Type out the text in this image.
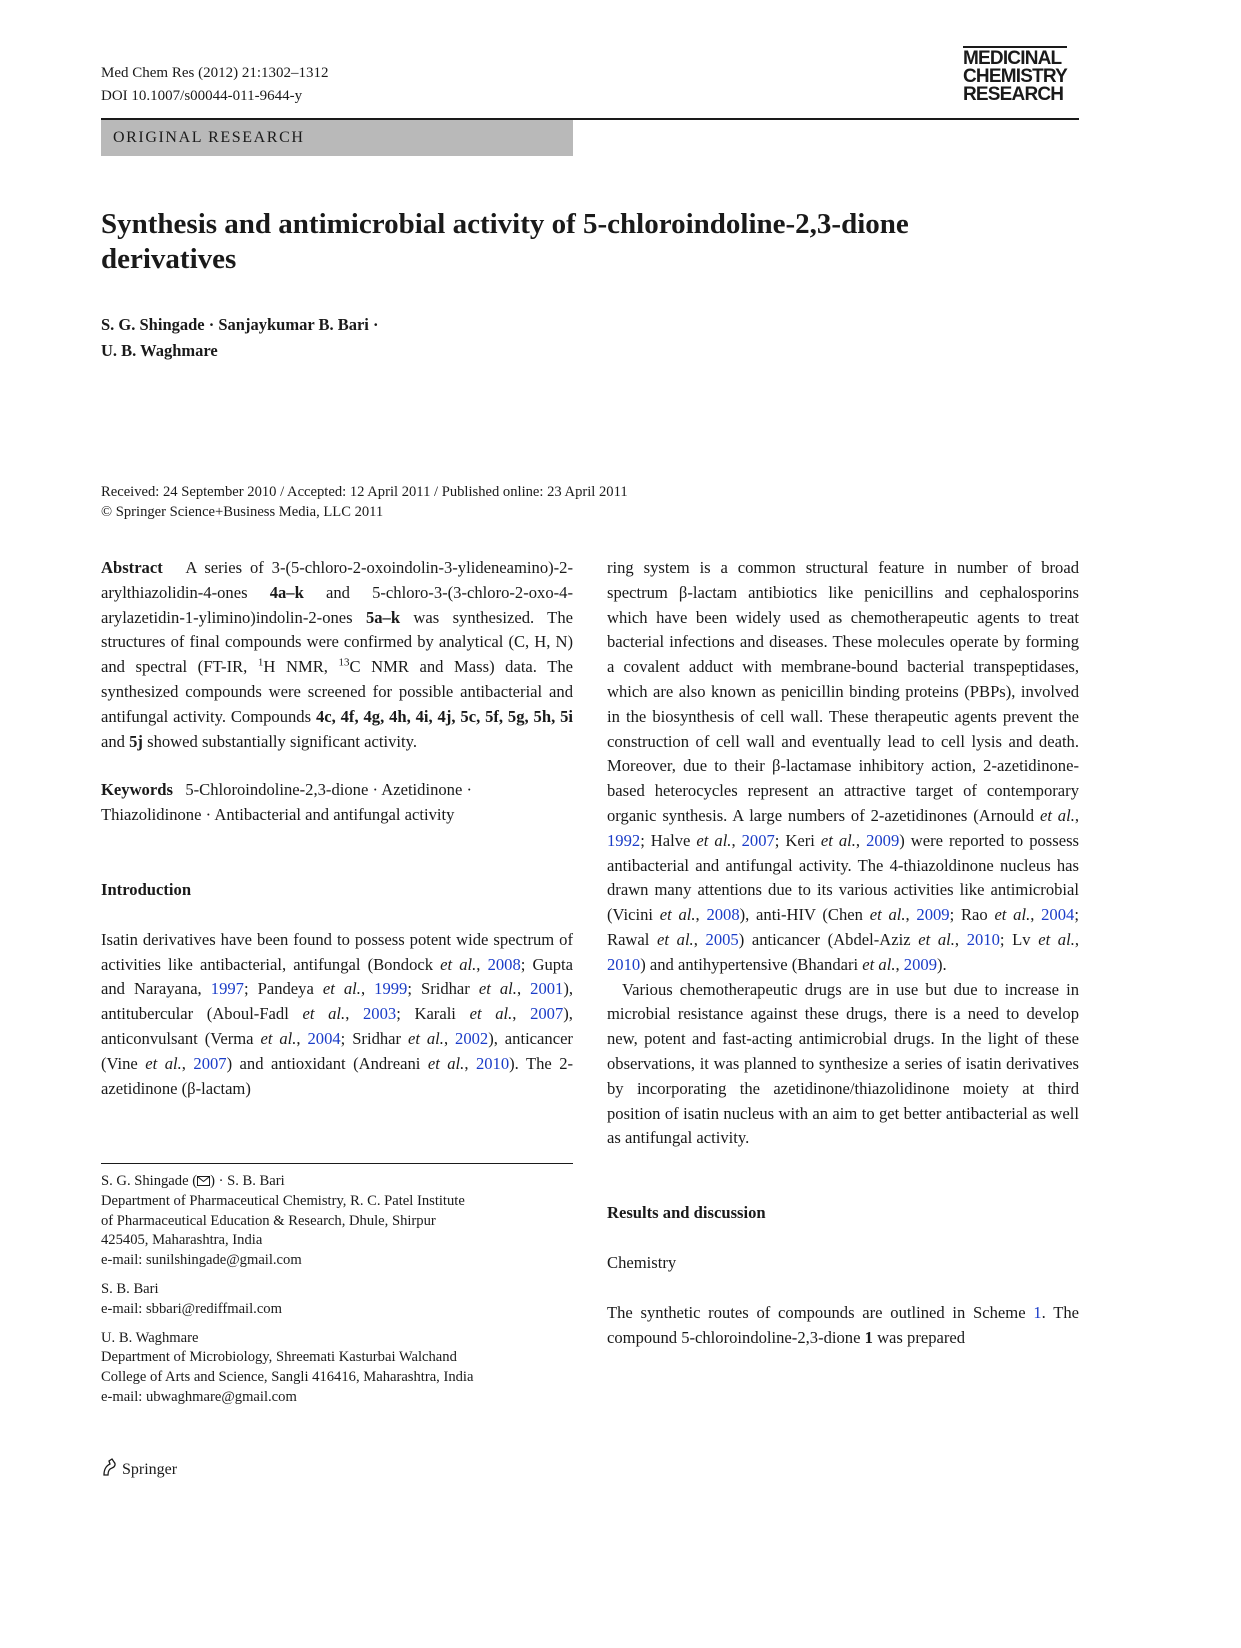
Med Chem Res (2012) 21:1302–1312
DOI 10.1007/s00044-011-9644-y
MEDICINAL
CHEMISTRY
RESEARCH
ORIGINAL RESEARCH
Synthesis and antimicrobial activity of 5-chloroindoline-2,3-dione
derivatives
S. G. Shingade · Sanjaykumar B. Bari ·
U. B. Waghmare
Received: 24 September 2010 / Accepted: 12 April 2011 / Published online: 23 April 2011
© Springer Science+Business Media, LLC 2011

Abstract A series of 3-(5-chloro-2-oxoindolin-3-ylideneamino)-2-arylthiazolidin-4-ones 4a–k and 5-chloro-3-(3-chloro-2-oxo-4-arylazetidin-1-ylimino)indolin-2-ones 5a–k was synthesized. The structures of final compounds were confirmed by analytical (C, H, N) and spectral (FT-IR, $^1$H NMR, $^{13}$C NMR and Mass) data. The synthesized compounds were screened for possible antibacterial and antifungal activity. Compounds 4c, 4f, 4g, 4h, 4i, 4j, 5c, 5f, 5g, 5h, 5i and 5j showed substantially significant activity.

Keywords 5-Chloroindoline-2,3-dione · Azetidinone · Thiazolidinone · Antibacterial and antifungal activity

Introduction

Isatin derivatives have been found to possess potent wide spectrum of activities like antibacterial, antifungal (Bondock et al., 2008; Gupta and Narayana, 1997; Pandeya et al., 1999; Sridhar et al., 2001), antitubercular (Aboul-Fadl et al., 2003; Karali et al., 2007), anticonvulsant (Verma et al., 2004; Sridhar et al., 2002), anticancer (Vine et al., 2007) and antioxidant (Andreani et al., 2010). The 2-azetidinone (β-lactam)

S. G. Shingade ( ) · S. B. Bari
Department of Pharmaceutical Chemistry, R. C. Patel Institute
of Pharmaceutical Education & Research, Dhule, Shirpur
425405, Maharashtra, India
e-mail: sunilshingade@gmail.com
S. B. Bari
e-mail: sbbari@rediffmail.com
U. B. Waghmare
Department of Microbiology, Shreemati Kasturbai Walchand
College of Arts and Science, Sangli 416416, Maharashtra, India
e-mail: ubwaghmare@gmail.com

ring system is a common structural feature in number of broad spectrum β-lactam antibiotics like penicillins and cephalosporins which have been widely used as chemotherapeutic agents to treat bacterial infections and diseases. These molecules operate by forming a covalent adduct with membrane-bound bacterial transpeptidases, which are also known as penicillin binding proteins (PBPs), involved in the biosynthesis of cell wall. These therapeutic agents prevent the construction of cell wall and eventually lead to cell lysis and death. Moreover, due to their β-lactamase inhibitory action, 2-azetidinone-based heterocycles represent an attractive target of contemporary organic synthesis. A large numbers of 2-azetidinones (Arnould et al., 1992; Halve et al., 2007; Keri et al., 2009) were reported to possess antibacterial and antifungal activity. The 4-thiazoldinone nucleus has drawn many attentions due to its various activities like antimicrobial (Vicini et al., 2008), anti-HIV (Chen et al., 2009; Rao et al., 2004; Rawal et al., 2005) anticancer (Abdel-Aziz et al., 2010; Lv et al., 2010) and antihypertensive (Bhandari et al., 2009).

Various chemotherapeutic drugs are in use but due to increase in microbial resistance against these drugs, there is a need to develop new, potent and fast-acting antimicrobial drugs. In the light of these observations, it was planned to synthesize a series of isatin derivatives by incorporating the azetidinone/thiazolidinone moiety at third position of isatin nucleus with an aim to get better antibacterial as well as antifungal activity.

Results and discussion

Chemistry

The synthetic routes of compounds are outlined in Scheme 1. The compound 5-chloroindoline-2,3-dione 1 was prepared

Springer
